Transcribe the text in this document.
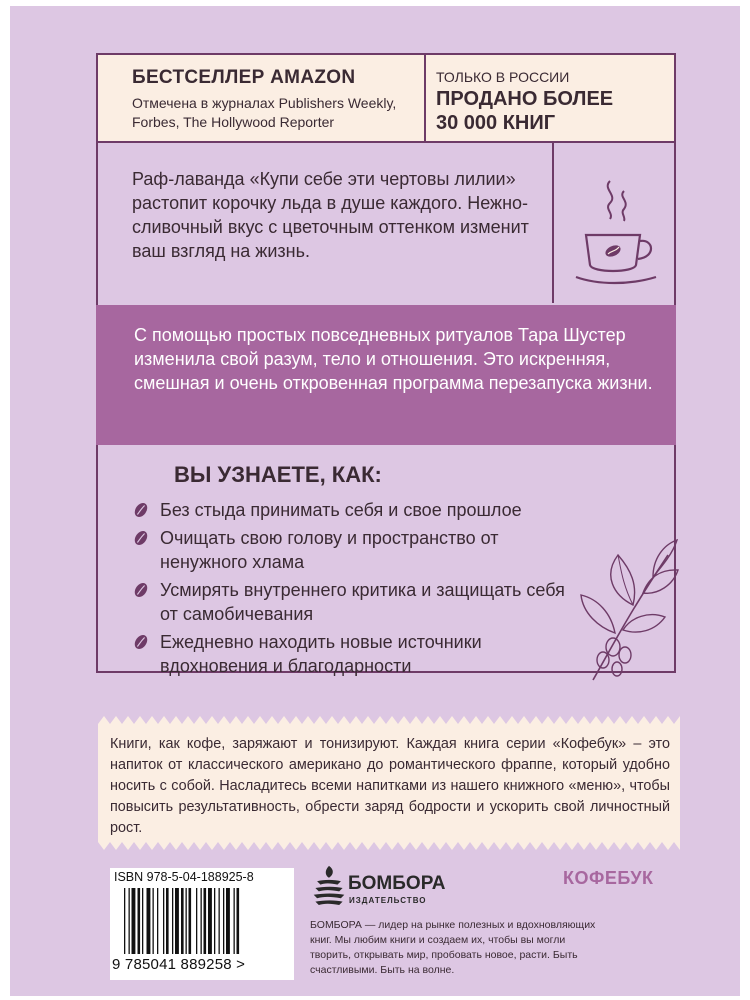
БЕСТСЕЛЛЕР AMAZON
Отмечена в журналах Publishers Weekly, Forbes, The Hollywood Reporter
ТОЛЬКО В РОССИИ
ПРОДАНО БОЛЕЕ 30 000 КНИГ
Раф-лаванда «Купи себе эти чертовы лилии» растопит корочку льда в душе каждого. Нежно-сливочный вкус с цветочным оттенком изменит ваш взгляд на жизнь.
С помощью простых повседневных ритуалов Тара Шустер изменила свой разум, тело и отношения. Это искренняя, смешная и очень откровенная программа перезапуска жизни.
ВЫ УЗНАЕТЕ, КАК:
Без стыда принимать себя и свое прошлое
Очищать свою голову и пространство от ненужного хлама
Усмирять внутреннего критика и защищать себя от самобичевания
Ежедневно находить новые источники вдохновения и благодарности
Книги, как кофе, заряжают и тонизируют. Каждая книга серии «Кофебук» – это напиток от классического американо до романтического фраппе, который удобно носить с собой. Насладитесь всеми напитками из нашего книжного «меню», чтобы повысить результативность, обрести заряд бодрости и ускорить свой личностный рост.
КОФЕБУК
ISBN 978-5-04-188925-8
9 785041 889258 >
БОМБОРА
ИЗДАТЕЛЬСТВО
БОМБОРА — лидер на рынке полезных и вдохновляющих книг. Мы любим книги и создаем их, чтобы вы могли творить, открывать мир, пробовать новое, расти. Быть счастливыми. Быть на волне.
